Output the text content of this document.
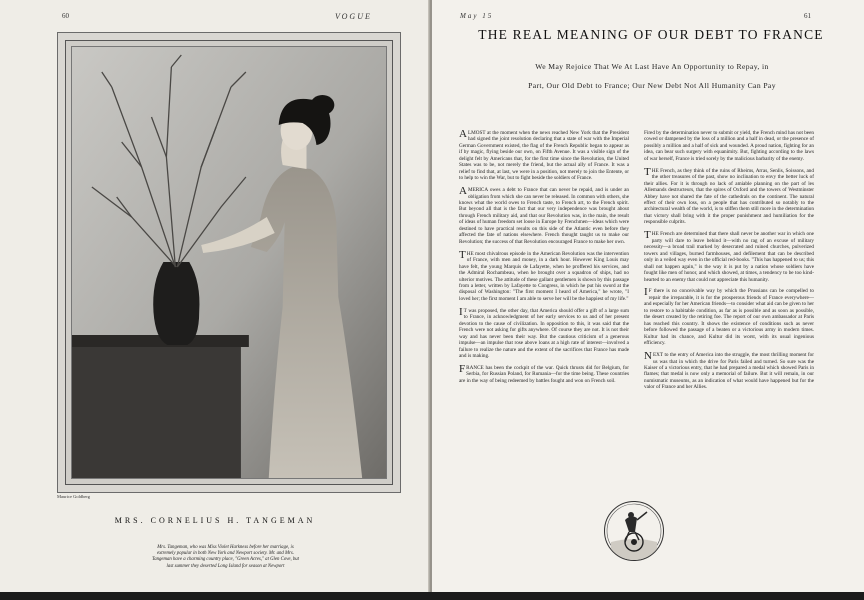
60	VOGUE
Maurice Goldberg
MRS. CORNELIUS H. TANGEMAN
Mrs. Tangeman, who was Miss Violet Harkness before her marriage, is extremely popular in both New York and Newport society. Mr. and Mrs. Tangeman have a charming country place, "Green Acres," at Glen Cove, but last summer they deserted Long Island for season at Newport
May 15	61
THE REAL MEANING OF OUR DEBT TO FRANCE
We May Rejoice That We At Last Have An Opportunity to Repay, in Part, Our Old Debt to France; Our New Debt Not All Humanity Can Pay

ALMOST at the moment when the news reached New York that the President had signed the joint resolution declaring that a state of war with the Imperial German Government existed, the flag of the French Republic began to appear as if by magic, flying beside our own, on Fifth Avenue. It was a visible sign of the delight felt by Americans that, for the first time since the Revolution, the United States was to be, not merely the friend, but the actual ally of France. It was a relief to find that, at last, we were in a position, not merely to join the Entente, or to help to win the War, but to fight beside the soldiers of France.

AMERICA owes a debt to France that can never be repaid, and is under an obligation from which she can never be released. In common with others, she knows what the world owes to French taste, to French art, to the French spirit. But beyond all that is the fact that our very independence was brought about through French military aid, and that our Revolution was, in the main, the result of ideas of human freedom set loose in Europe by Frenchmen—ideas which were destined to have practical results on this side of the Atlantic even before they affected the fate of nations elsewhere. French thought taught us to make our Revolution; the success of that Revolution encouraged France to make her own.

THE most chivalrous episode in the American Revolution was the intervention of France, with men and money, in a dark hour. However King Louis may have felt, the young Marquis de Lafayette, when he proffered his services, and the Admiral Rochambeau, when he brought over a squadron of ships, had no ulterior motives. The attitude of these gallant gentlemen is shown by this passage from a letter, written by Lafayette to Congress, in which he put his sword at the disposal of Washington: "The first moment I heard of America," he wrote, "I loved her; the first moment I am able to serve her will be the happiest of my life."

I T was proposed, the other day, that America should offer a gift of a large sum to France, in acknowledgment of her early services to us and of her present devotion to the cause of civilization. In opposition to this, it was said that the French were not asking for gifts anywhere. Of course they are not. It is not their way and has never been their way. But the cautious criticism of a generous impulse—an impulse that rose above loans at a high rate of interest—involved a failure to realize the nature and the extent of the sacrifices that France has made and is making.

FRANCE has been the cockpit of the war. Quick thrusts did for Belgium, for Serbia, for Russian Poland, for Rumania—for the time being. These countries are in the way of being redeemed by battles fought and won on French soil.

Fired by the determination never to submit or yield, the French mind has not been cowed or dampened by the loss of a million and a half in dead, or the presence of possibly a million and a half of sick and wounded. A proud nation, fighting for an idea, can bear such surgery with equanimity. But, fighting according to the laws of war herself, France is tried sorely by the malicious barbarity of the enemy.

THE French, as they think of the ruins of Rheims, Arras, Senlis, Soissons, and the other treasures of the past, show no inclination to envy the better luck of their allies. For it is through no lack of amiable planning on the part of les Allemands destructeurs, that the spires of Oxford and the towers of Westminster Abbey have not shared the fate of the cathedrals on the continent. The natural effect of their own loss, on a people that has contributed so notably to the architectural wealth of the world, is to stiffen them still more in the determination that victory shall bring with it the proper punishment and humiliation for the responsible culprits.

THE French are determined that there shall never be another war in which one party will dare to leave behind it—with no rag of an excuse of military necessity—a broad trail marked by desecrated and ruined churches, pulverized towers and villages, burned farmhouses, and defilement that can be described only in a veiled way even in the official red-books. "This has happened to us; this shall not happen again," is the way it is put by a nation whose soldiers have fought like men of honor, and which showed, at times, a tendency to be too kind-hearted to an enemy that could not appreciate this humanity.

I F there is no conceivable way by which the Prussians can be compelled to repair the irreparable, it is for the prosperous friends of France everywhere—and especially for her American friends—to consider what aid can be given to her to restore to a habitable condition, as far as is possible and as soon as possible, the desert created by the retiring foe. The report of our own ambassador at Paris has reached this country. It shows the existence of conditions such as never before followed the passage of a beaten or a victorious army in modern times. Kultur had its chance, and Kultur did its worst, with its usual ingenious efficiency.

NEXT to the entry of America into the struggle, the most thrilling moment for us was that in which the drive for Paris failed and turned. So sure was the Kaiser of a victorious entry, that he had prepared a medal which showed Paris in flames; that medal is now only a memorial of failure. But it will remain, in our numismatic museums, as an indication of what would have happened but for the valor of France and her Allies.
